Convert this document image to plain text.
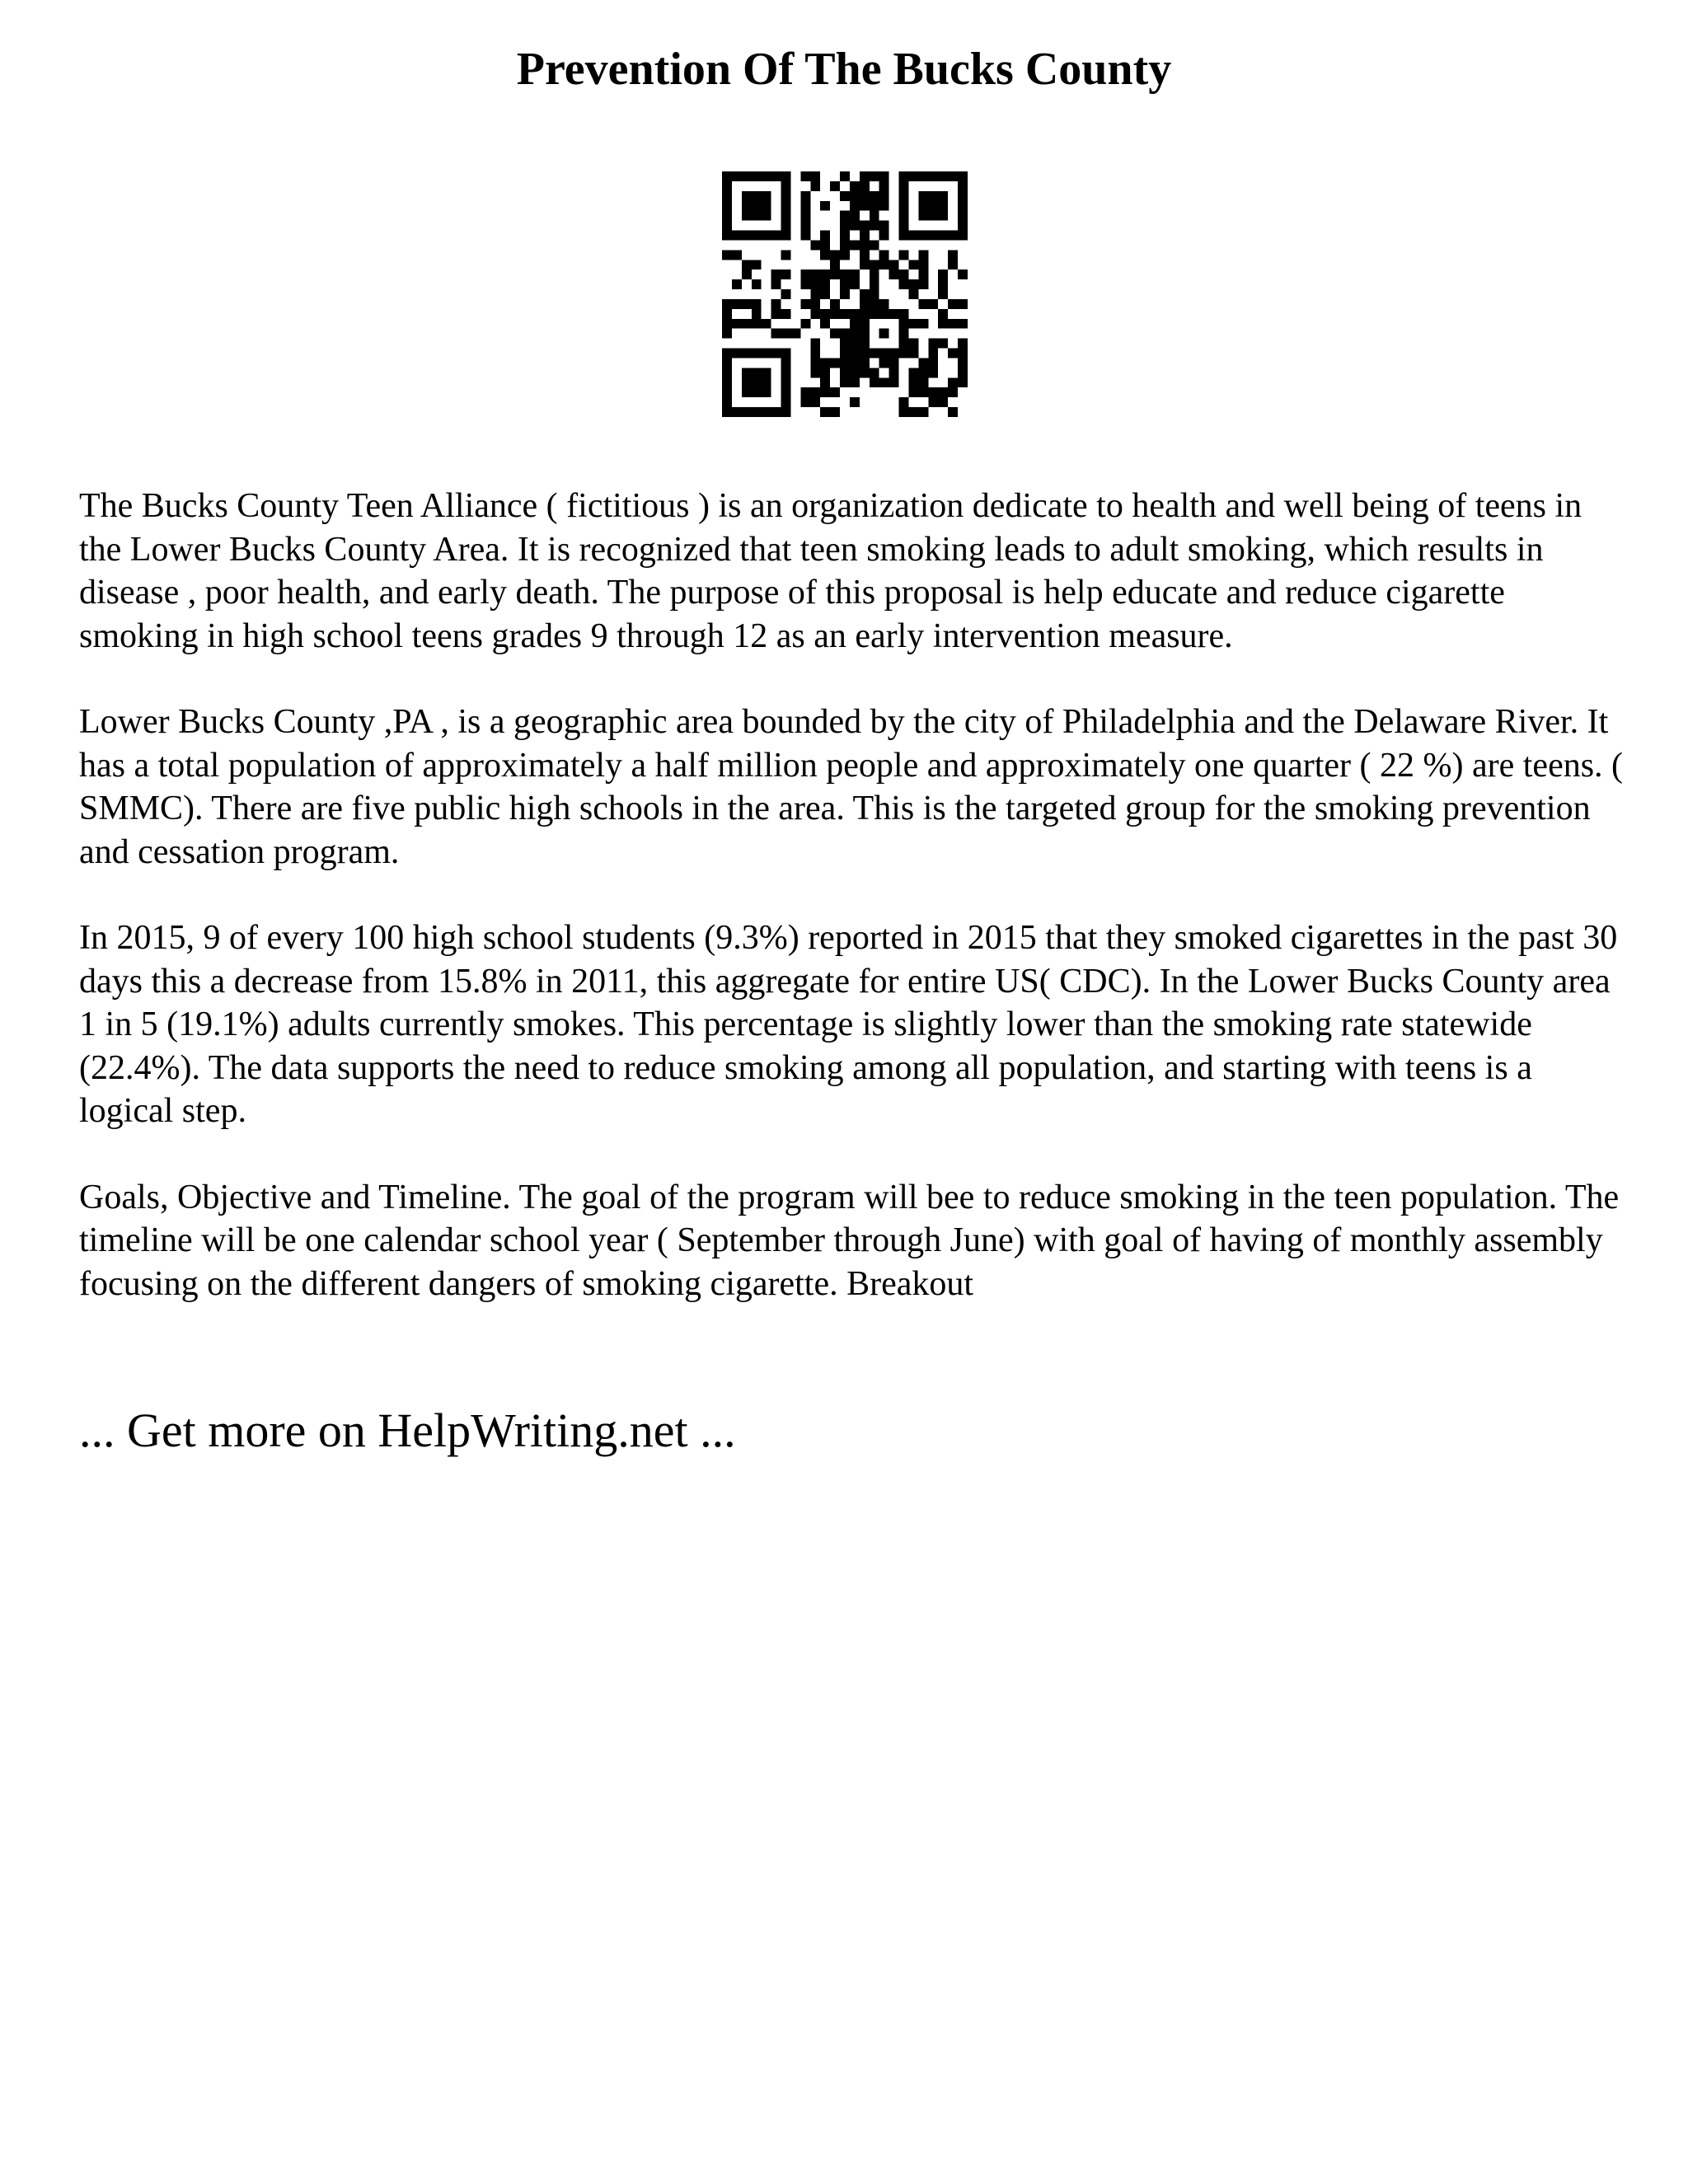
Prevention Of The Bucks County

The Bucks County Teen Alliance ( fictitious ) is an organization dedicate to health and well being of teens in the Lower Bucks County Area. It is recognized that teen smoking leads to adult smoking, which results in disease , poor health, and early death. The purpose of this proposal is help educate and reduce cigarette smoking in high school teens grades 9 through 12 as an early intervention measure.

Lower Bucks County ,PA , is a geographic area bounded by the city of Philadelphia and the Delaware River. It has a total population of approximately a half million people and approximately one quarter ( 22 %) are teens. ( SMMC). There are five public high schools in the area. This is the targeted group for the smoking prevention and cessation program.

In 2015, 9 of every 100 high school students (9.3%) reported in 2015 that they smoked cigarettes in the past 30 days this a decrease from 15.8% in 2011, this aggregate for entire US( CDC). In the Lower Bucks County area 1 in 5 (19.1%) adults currently smokes. This percentage is slightly lower than the smoking rate statewide (22.4%). The data supports the need to reduce smoking among all population, and starting with teens is a logical step.

Goals, Objective and Timeline. The goal of the program will bee to reduce smoking in the teen population. The timeline will be one calendar school year ( September through June) with goal of having of monthly assembly focusing on the different dangers of smoking cigarette. Breakout

... Get more on HelpWriting.net ...
